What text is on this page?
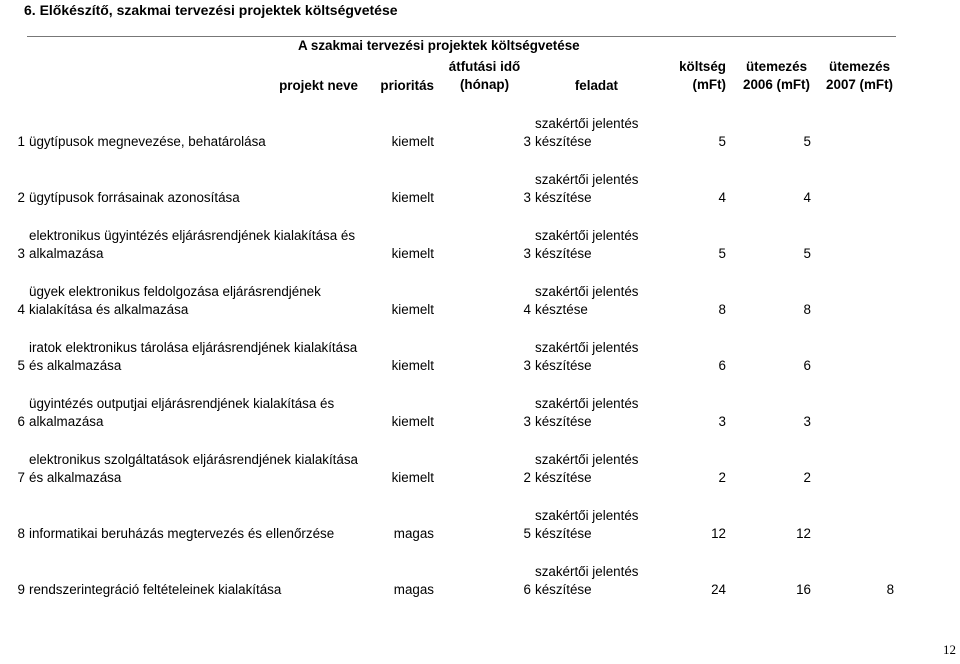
6. Előkészítő, szakmai tervezési projektek költségvetése
	A szakmai tervezési projektek költségvetése						
	projekt neve	prioritás	átfutási idő (hónap)	feladat	költség (mFt)	ütemezés 2006 (mFt)	ütemezés 2007 (mFt)
1	ügytípusok megnevezése, behatárolása	kiemelt	3	szakértői jelentés készítése	5	5	
2	ügytípusok forrásainak azonosítása	kiemelt	3	szakértői jelentés készítése	4	4	
3	elektronikus ügyintézés eljárásrendjének kialakítása és alkalmazása	kiemelt	3	szakértői jelentés készítése	5	5	
4	ügyek elektronikus feldolgozása eljárásrendjének kialakítása és alkalmazása	kiemelt	4	szakértői jelentés késztése	8	8	
5	iratok elektronikus tárolása eljárásrendjének kialakítása és alkalmazása	kiemelt	3	szakértői jelentés készítése	6	6	
6	ügyintézés outputjai eljárásrendjének kialakítása és alkalmazása	kiemelt	3	szakértői jelentés készítése	3	3	
7	elektronikus szolgáltatások eljárásrendjének kialakítása és alkalmazása	kiemelt	2	szakértői jelentés készítése	2	2	
8	informatikai beruházás megtervezés és ellenőrzése	magas	5	szakértői jelentés készítése	12	12	
9	rendszerintegráció feltételeinek kialakítása	magas	6	szakértői jelentés készítése	24	16	8
12
